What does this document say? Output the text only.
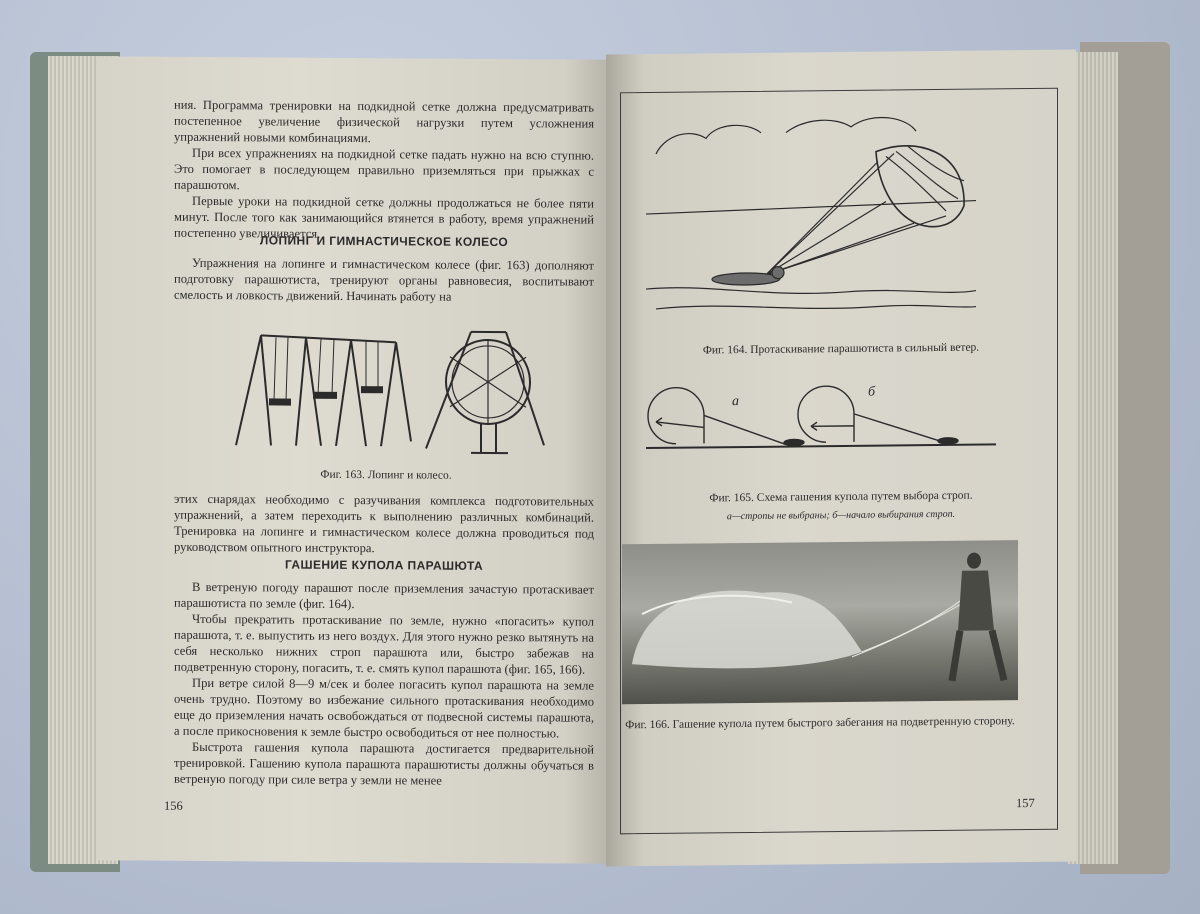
ния. Программа тренировки на подкидной сетке должна предусматривать постепенное увеличение физической нагрузки путем усложнения упражнений новыми комбинациями.

При всех упражнениях на подкидной сетке падать нужно на всю ступню. Это помогает в последующем правильно приземляться при прыжках с парашютом.

Первые уроки на подкидной сетке должны продолжаться не более пяти минут. После того как занимающийся втянется в работу, время упражнений постепенно увеличивается.

ЛОПИНГ И ГИМНАСТИЧЕСКОЕ КОЛЕСО

Упражнения на лопинге и гимнастическом колесе (фиг. 163) дополняют подготовку парашютиста, тренируют органы равновесия, воспитывают смелость и ловкость движений. Начинать работу на

Фиг. 163. Лопинг и колесо.

этих снарядах необходимо с разучивания комплекса подготовительных упражнений, а затем переходить к выполнению различных комбинаций. Тренировка на лопинге и гимнастическом колесе должна проводиться под руководством опытного инструктора.

ГАШЕНИЕ КУПОЛА ПАРАШЮТА

В ветреную погоду парашют после приземления зачастую протаскивает парашютиста по земле (фиг. 164).

Чтобы прекратить протаскивание по земле, нужно «погасить» купол парашюта, т. е. выпустить из него воздух. Для этого нужно резко вытянуть на себя несколько нижних строп парашюта или, быстро забежав на подветренную сторону, погасить, т. е. смять купол парашюта (фиг. 165, 166).

При ветре силой 8—9 м/сек и более погасить купол парашюта на земле очень трудно. Поэтому во избежание сильного протаскивания необходимо еще до приземления начать освобождаться от подвесной системы парашюта, а после прикосновения к земле быстро освободиться от нее полностью.

Быстрота гашения купола парашюта достигается предварительной тренировкой. Гашению купола парашюта парашютисты должны обучаться в ветреную погоду при силе ветра у земли не менее

156
Фиг. 164. Протаскивание парашютиста в сильный ветер.
а
б
Фиг. 165. Схема гашения купола путем выбора строп.
а—стропы не выбраны; б—начало выбирания строп.
Фиг. 166. Гашение купола путем быстрого забегания на подветренную сторону.
157
